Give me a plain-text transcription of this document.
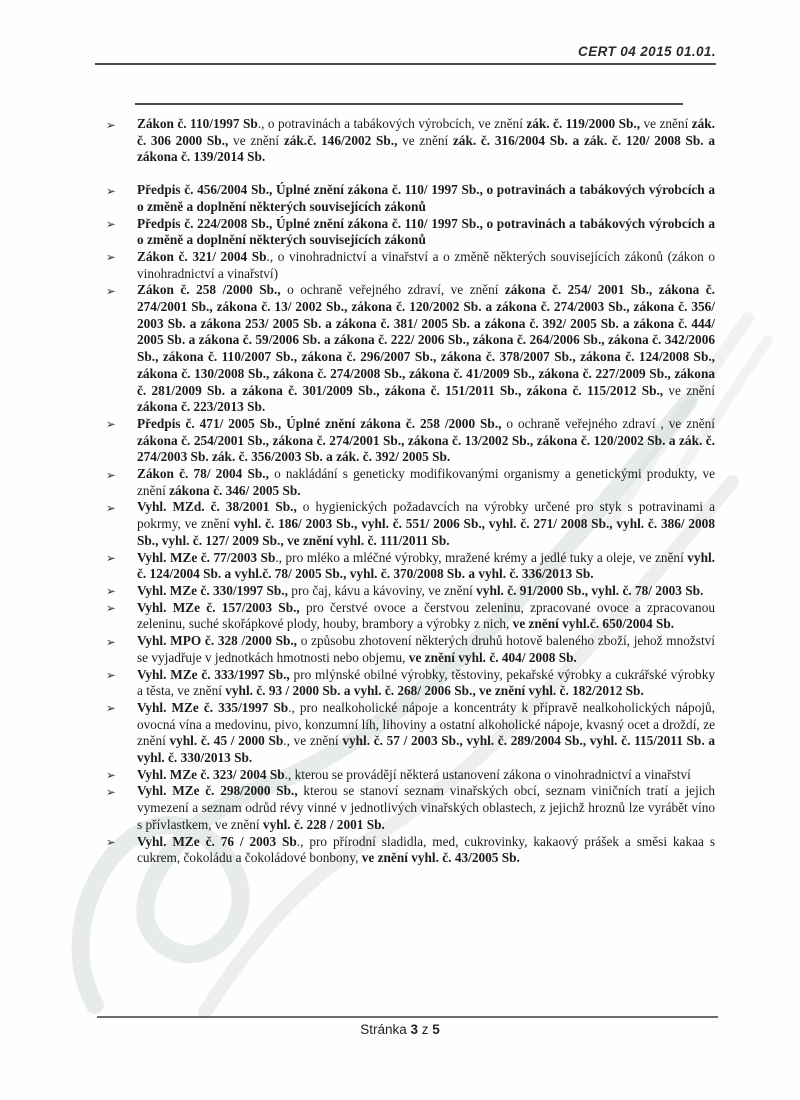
CERT 04 2015 01.01.
➢ Zákon č. 110/1997 Sb., o potravinách a tabákových výrobcích, ve znění zák. č. 119/2000 Sb., ve znění zák. č. 306 2000 Sb., ve znění zák.č. 146/2002 Sb., ve znění zák. č. 316/2004 Sb. a zák. č. 120/ 2008 Sb. a zákona č. 139/2014 Sb.
➢ Předpis č. 456/2004 Sb., Úplné znění zákona č. 110/ 1997 Sb., o potravinách a tabákových výrobcích a o změně a doplnění některých souvisejících zákonů
➢ Předpis č. 224/2008 Sb., Úplné znění zákona č. 110/ 1997 Sb., o potravinách a tabákových výrobcích a o změně a doplnění některých souvisejících zákonů
➢ Zákon č. 321/ 2004 Sb., o vinohradnictví a vinařství a o změně některých souvisejících zákonů (zákon o vinohradnictví a vinařství)
➢ Zákon č. 258 /2000 Sb., o ochraně veřejného zdraví, ve znění zákona č. 254/ 2001 Sb., zákona č. 274/2001 Sb., zákona č. 13/ 2002 Sb., zákona č. 120/2002 Sb. a zákona č. 274/2003 Sb., zákona č. 356/ 2003 Sb. a zákona 253/ 2005 Sb. a zákona č. 381/ 2005 Sb. a zákona č. 392/ 2005 Sb. a zákona č. 444/ 2005 Sb. a zákona č. 59/2006 Sb. a zákona č. 222/ 2006 Sb., zákona č. 264/2006 Sb., zákona č. 342/2006 Sb., zákona č. 110/2007 Sb., zákona č. 296/2007 Sb., zákona č. 378/2007 Sb., zákona č. 124/2008 Sb., zákona č. 130/2008 Sb., zákona č. 274/2008 Sb., zákona č. 41/2009 Sb., zákona č. 227/2009 Sb., zákona č. 281/2009 Sb. a zákona č. 301/2009 Sb., zákona č. 151/2011 Sb., zákona č. 115/2012 Sb., ve znění zákona č. 223/2013 Sb.
➢ Předpis č. 471/ 2005 Sb., Úplné znění zákona č. 258 /2000 Sb., o ochraně veřejného zdraví , ve znění zákona č. 254/2001 Sb., zákona č. 274/2001 Sb., zákona č. 13/2002 Sb., zákona č. 120/2002 Sb. a zák. č. 274/2003 Sb. zák. č. 356/2003 Sb. a zák. č. 392/ 2005 Sb.
➢ Zákon č. 78/ 2004 Sb., o nakládání s geneticky modifikovanými organismy a genetickými produkty, ve znění zákona č. 346/ 2005 Sb.
➢ Vyhl. MZd. č. 38/2001 Sb., o hygienických požadavcích na výrobky určené pro styk s potravinami a pokrmy, ve znění vyhl. č. 186/ 2003 Sb., vyhl. č. 551/ 2006 Sb., vyhl. č. 271/ 2008 Sb., vyhl. č. 386/ 2008 Sb., vyhl. č. 127/ 2009 Sb., ve znění vyhl. č. 111/2011 Sb.
➢ Vyhl. MZe č. 77/2003 Sb., pro mléko a mléčné výrobky, mražené krémy a jedlé tuky a oleje, ve znění vyhl. č. 124/2004 Sb. a vyhl.č. 78/ 2005 Sb., vyhl. č. 370/2008 Sb. a vyhl. č. 336/2013 Sb.
➢ Vyhl. MZe č. 330/1997 Sb., pro čaj, kávu a kávoviny, ve znění vyhl. č. 91/2000 Sb., vyhl. č. 78/ 2003 Sb.
➢ Vyhl. MZe č. 157/2003 Sb., pro čerstvé ovoce a čerstvou zeleninu, zpracované ovoce a zpracovanou zeleninu, suché skořápkové plody, houby, brambory a výrobky z nich, ve znění vyhl.č. 650/2004 Sb.
➢ Vyhl. MPO č. 328 /2000 Sb., o způsobu zhotovení některých druhů hotově baleného zboží, jehož množství se vyjadřuje v jednotkách hmotnosti nebo objemu, ve znění vyhl. č. 404/ 2008 Sb.
➢ Vyhl. MZe č. 333/1997 Sb., pro mlýnské obilné výrobky, těstoviny, pekařské výrobky a cukrářské výrobky a těsta, ve znění vyhl. č. 93 / 2000 Sb. a vyhl. č. 268/ 2006 Sb., ve znění vyhl. č. 182/2012 Sb.
➢ Vyhl. MZe č. 335/1997 Sb., pro nealkoholické nápoje a koncentráty k přípravě nealkoholických nápojů, ovocná vína a medovinu, pivo, konzumní líh, lihoviny a ostatní alkoholické nápoje, kvasný ocet a droždí, ze znění vyhl. č. 45 / 2000 Sb., ve znění vyhl. č. 57 / 2003 Sb., vyhl. č. 289/2004 Sb., vyhl. č. 115/2011 Sb. a vyhl. č. 330/2013 Sb.
➢ Vyhl. MZe č. 323/ 2004 Sb., kterou se provádějí některá ustanovení zákona o vinohradnictví a vinařství
➢ Vyhl. MZe č. 298/2000 Sb., kterou se stanoví seznam vinařských obcí, seznam viničních tratí a jejich vymezení a seznam odrůd révy vinné v jednotlivých vinařských oblastech, z jejichž hroznů lze vyrábět víno s přívlastkem, ve znění vyhl. č. 228 / 2001 Sb.
➢ Vyhl. MZe č. 76 / 2003 Sb., pro přírodní sladidla, med, cukrovinky, kakaový prášek a směsi kakaa s cukrem, čokoládu a čokoládové bonbony, ve znění vyhl. č. 43/2005 Sb.
Stránka 3 z 5
